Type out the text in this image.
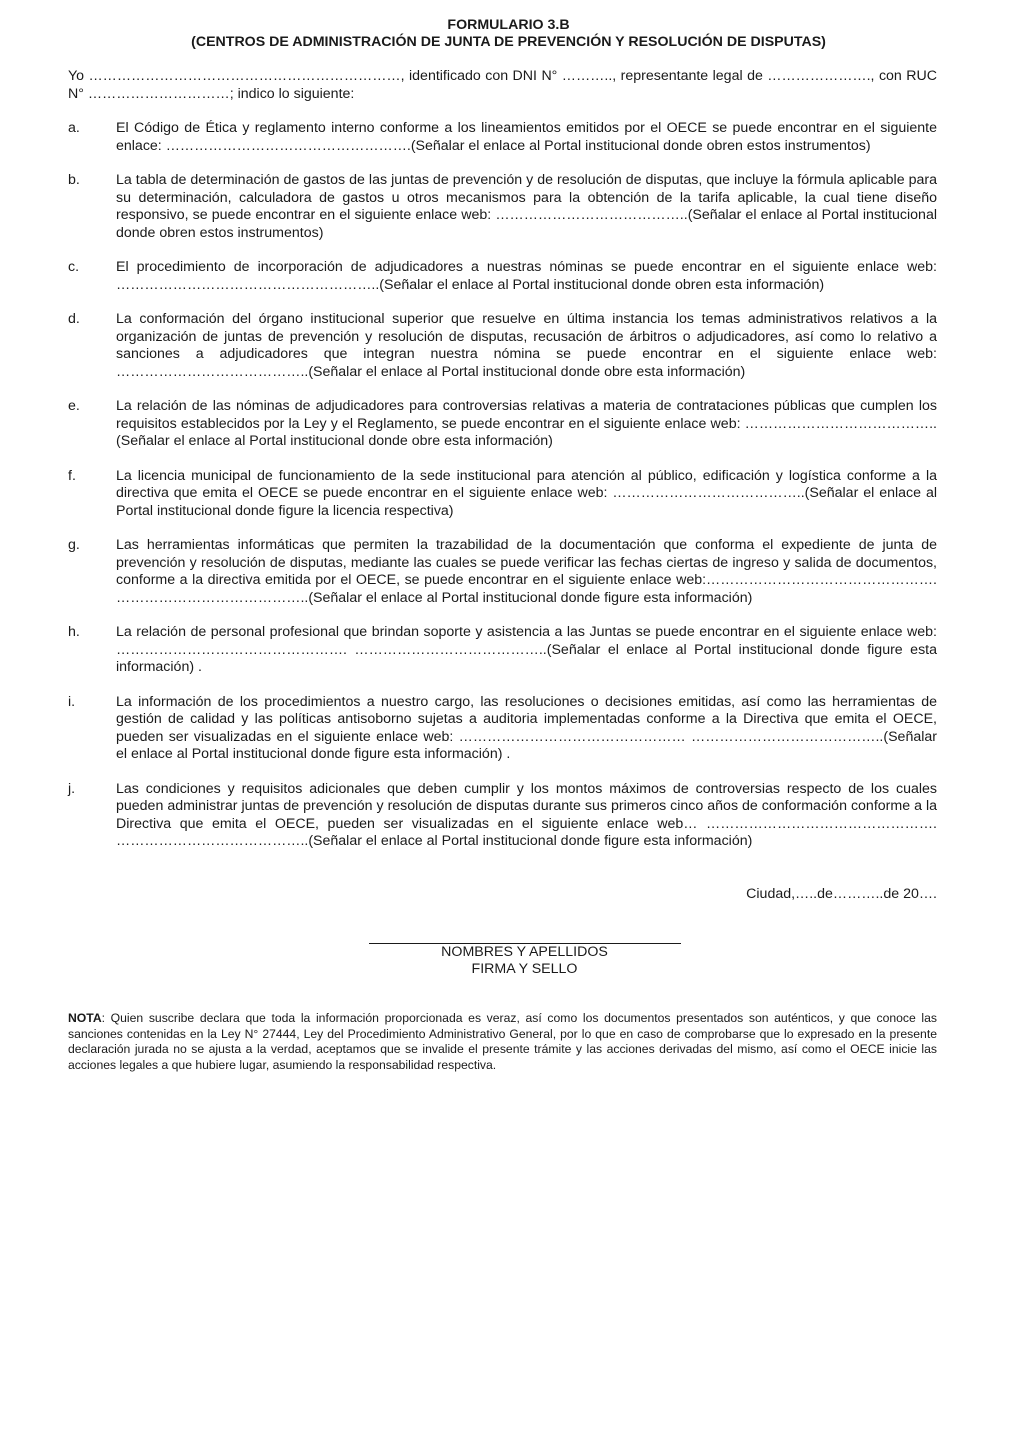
FORMULARIO 3.B
(CENTROS DE ADMINISTRACIÓN DE JUNTA DE PREVENCIÓN Y RESOLUCIÓN DE DISPUTAS)

Yo …………………………………………………………, identificado con DNI N° ……….., representante legal de …………………., con RUC N° …………………………; indico lo siguiente:

a.	El Código de Ética y reglamento interno conforme a los lineamientos emitidos por el OECE se puede encontrar en el siguiente enlace: …………………………………………….(Señalar el enlace al Portal institucional donde obren estos instrumentos)
b.	La tabla de determinación de gastos de las juntas de prevención y de resolución de disputas, que incluye la fórmula aplicable para su determinación, calculadora de gastos u otros mecanismos para la obtención de la tarifa aplicable, la cual tiene diseño responsivo, se puede encontrar en el siguiente enlace web: …………………………………..(Señalar el enlace al Portal institucional donde obren estos instrumentos)
c.	El procedimiento de incorporación de adjudicadores a nuestras nóminas se puede encontrar en el siguiente enlace web: ………………………………………………..(Señalar el enlace al Portal institucional donde obren esta información)
d.	La conformación del órgano institucional superior que resuelve en última instancia los temas administrativos relativos a la organización de juntas de prevención y resolución de disputas, recusación de árbitros o adjudicadores, así como lo relativo a sanciones a adjudicadores que integran nuestra nómina se puede encontrar en el siguiente enlace web: …………………………………..(Señalar el enlace al Portal institucional donde obre esta información)
e.	La relación de las nóminas de adjudicadores para controversias relativas a materia de contrataciones públicas que cumplen los requisitos establecidos por la Ley y el Reglamento, se puede encontrar en el siguiente enlace web: …………………………………..(Señalar el enlace al Portal institucional donde obre esta información)
f.	La licencia municipal de funcionamiento de la sede institucional para atención al público, edificación y logística conforme a la directiva que emita el OECE se puede encontrar en el siguiente enlace web: …………………………………..(Señalar el enlace al Portal institucional donde figure la licencia respectiva)
g.	Las herramientas informáticas que permiten la trazabilidad de la documentación que conforma el expediente de junta de prevención y resolución de disputas, mediante las cuales se puede verificar las fechas ciertas de ingreso y salida de documentos, conforme a la directiva emitida por el OECE, se puede encontrar en el siguiente enlace web:…………………………………………. …………………………………..(Señalar el enlace al Portal institucional donde figure esta información)
h.	La relación de personal profesional que brindan soporte y asistencia a las Juntas se puede encontrar en el siguiente enlace web: …………………………………………. …………………………………..(Señalar el enlace al Portal institucional donde figure esta información) .
i.	La información de los procedimientos a nuestro cargo, las resoluciones o decisiones emitidas, así como las herramientas de gestión de calidad y las políticas antisoborno sujetas a auditoria implementadas conforme a la Directiva que emita el OECE, pueden ser visualizadas en el siguiente enlace web: ………………………………………… …………………………………..(Señalar el enlace al Portal institucional donde figure esta información) .
j.	Las condiciones y requisitos adicionales que deben cumplir y los montos máximos de controversias respecto de los cuales pueden administrar juntas de prevención y resolución de disputas durante sus primeros cinco años de conformación conforme a la Directiva que emita el OECE, pueden ser visualizadas en el siguiente enlace web… …………………………………………. …………………………………..(Señalar el enlace al Portal institucional donde figure esta información)
Ciudad,…..de………..de 20….
NOMBRES Y APELLIDOS
FIRMA Y SELLO

NOTA: Quien suscribe declara que toda la información proporcionada es veraz, así como los documentos presentados son auténticos, y que conoce las sanciones contenidas en la Ley N° 27444, Ley del Procedimiento Administrativo General, por lo que en caso de comprobarse que lo expresado en la presente declaración jurada no se ajusta a la verdad, aceptamos que se invalide el presente trámite y las acciones derivadas del mismo, así como el OECE inicie las acciones legales a que hubiere lugar, asumiendo la responsabilidad respectiva.
